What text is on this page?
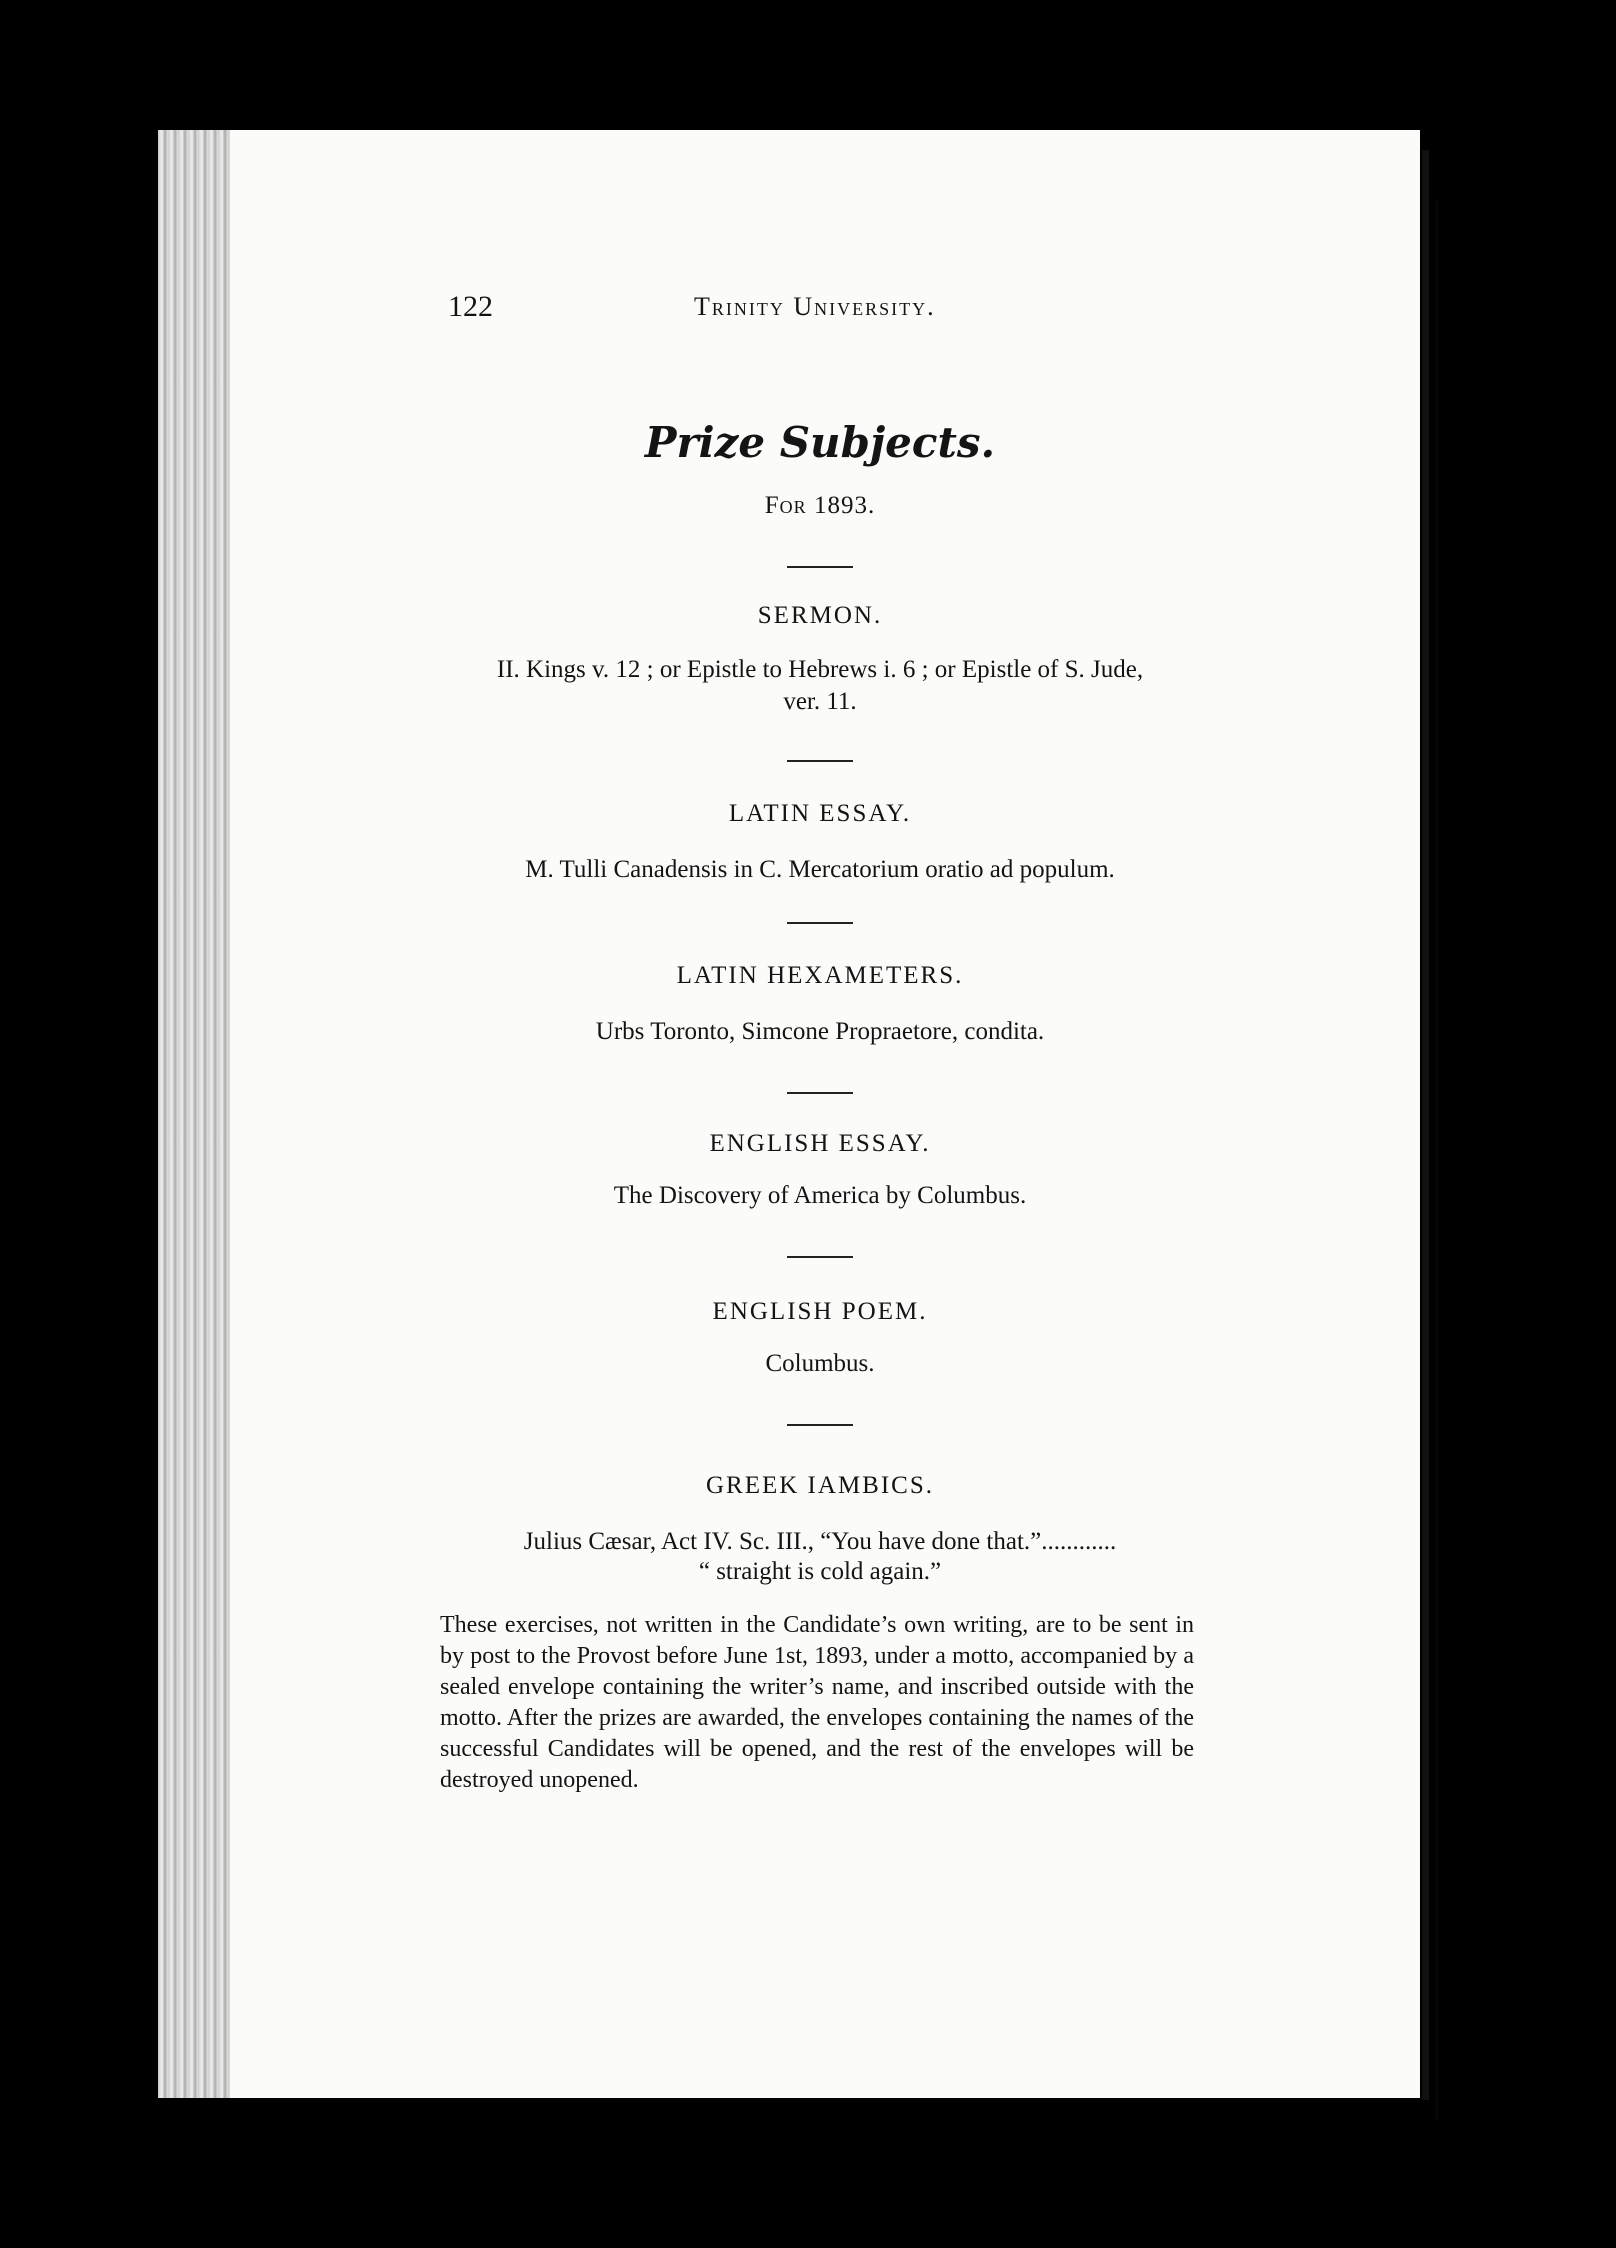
122	Trinity University.
Prize Subjects.
For 1893.
SERMON.
II. Kings v. 12 ; or Epistle to Hebrews i. 6 ; or Epistle of S. Jude,
ver. 11.
LATIN ESSAY.
M. Tulli Canadensis in C. Mercatorium oratio ad populum.
LATIN HEXAMETERS.
Urbs Toronto, Simcone Propraetore, condita.
ENGLISH ESSAY.
The Discovery of America by Columbus.
ENGLISH POEM.
Columbus.
GREEK IAMBICS.
Julius Cæsar, Act IV. Sc. III., “You have done that.”............
“ straight is cold again.”
These exercises, not written in the Candidate’s own writing, are to be sent in by post to the Provost before June 1st, 1893, under a motto, accompanied by a sealed envelope containing the writer’s name, and inscribed outside with the motto. After the prizes are awarded, the envelopes containing the names of the successful Candidates will be opened, and the rest of the envelopes will be destroyed unopened.
